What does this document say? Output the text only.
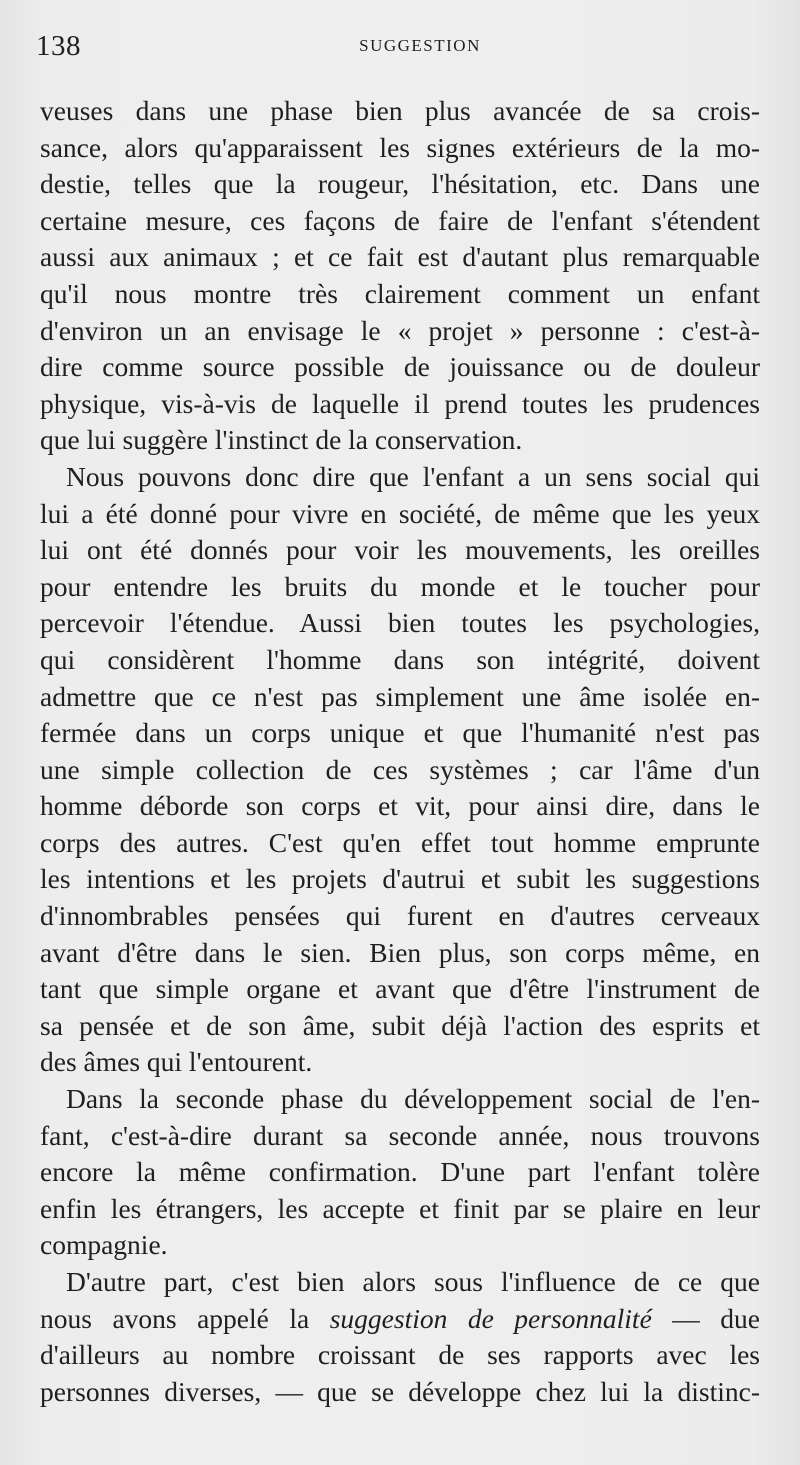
138	SUGGESTION
veuses dans une phase bien plus avancée de sa crois-
sance, alors qu'apparaissent les signes extérieurs de la mo-
destie, telles que la rougeur, l'hésitation, etc. Dans une
certaine mesure, ces façons de faire de l'enfant s'étendent
aussi aux animaux ; et ce fait est d'autant plus remarquable
qu'il nous montre très clairement comment un enfant
d'environ un an envisage le « projet » personne : c'est-à-
dire comme source possible de jouissance ou de douleur
physique, vis-à-vis de laquelle il prend toutes les prudences
que lui suggère l'instinct de la conservation.
Nous pouvons donc dire que l'enfant a un sens social qui
lui a été donné pour vivre en société, de même que les yeux
lui ont été donnés pour voir les mouvements, les oreilles
pour entendre les bruits du monde et le toucher pour
percevoir l'étendue. Aussi bien toutes les psychologies,
qui considèrent l'homme dans son intégrité, doivent
admettre que ce n'est pas simplement une âme isolée en-
fermée dans un corps unique et que l'humanité n'est pas
une simple collection de ces systèmes ; car l'âme d'un
homme déborde son corps et vit, pour ainsi dire, dans le
corps des autres. C'est qu'en effet tout homme emprunte
les intentions et les projets d'autrui et subit les suggestions
d'innombrables pensées qui furent en d'autres cerveaux
avant d'être dans le sien. Bien plus, son corps même, en
tant que simple organe et avant que d'être l'instrument de
sa pensée et de son âme, subit déjà l'action des esprits et
des âmes qui l'entourent.
Dans la seconde phase du développement social de l'en-
fant, c'est-à-dire durant sa seconde année, nous trouvons
encore la même confirmation. D'une part l'enfant tolère
enfin les étrangers, les accepte et finit par se plaire en leur
compagnie.
D'autre part, c'est bien alors sous l'influence de ce que
nous avons appelé la suggestion de personnalité — due
d'ailleurs au nombre croissant de ses rapports avec les
personnes diverses, — que se développe chez lui la distinc-
